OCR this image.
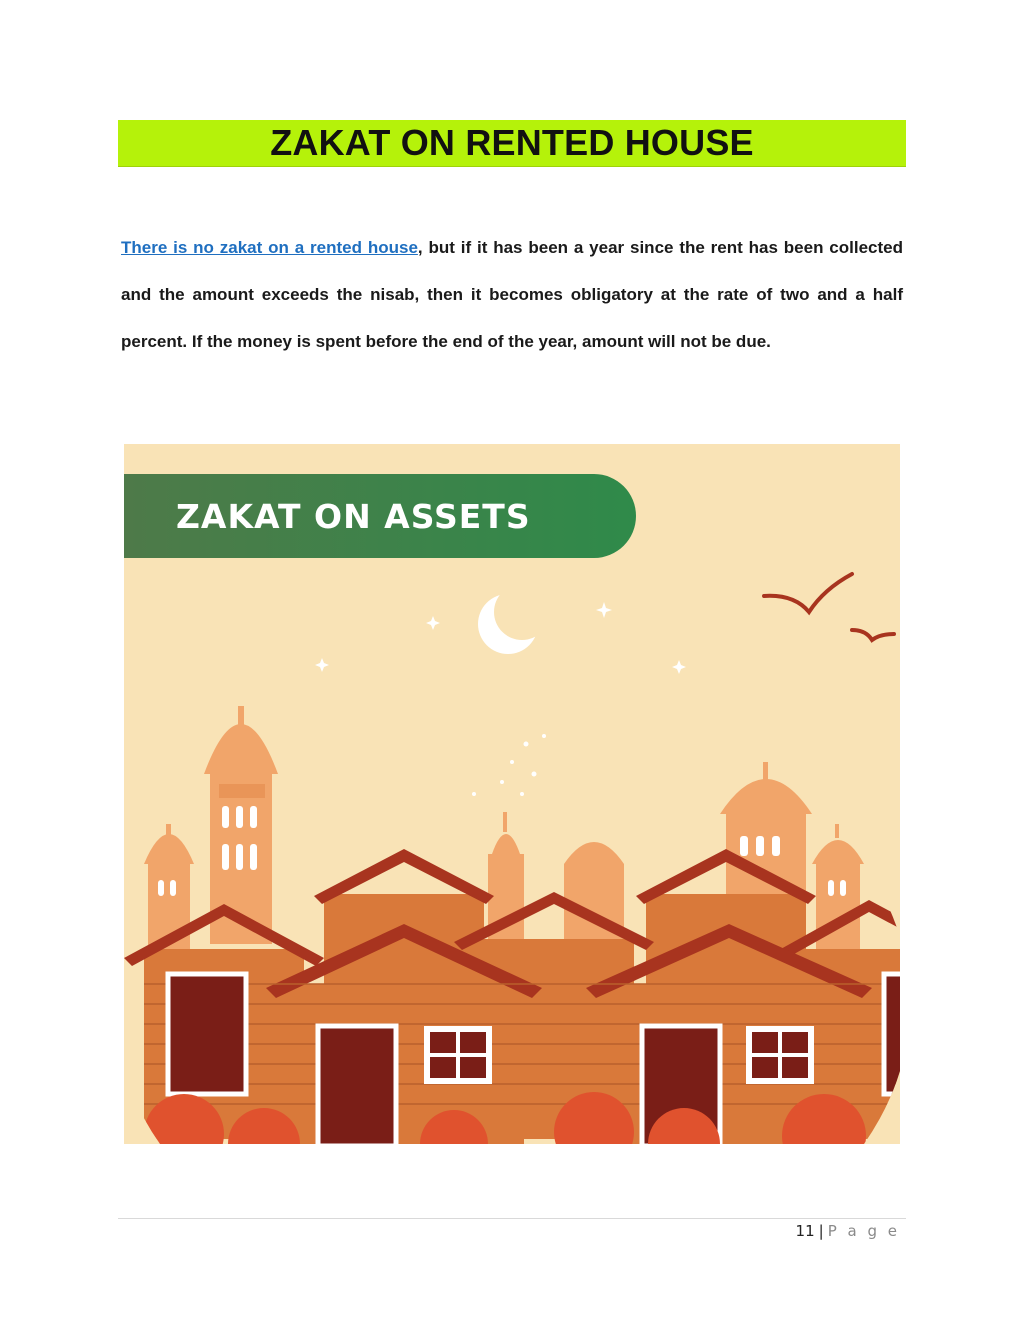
ZAKAT ON RENTED HOUSE
There is no zakat on a rented house, but if it has been a year since the rent has been collected and the amount exceeds the nisab, then it becomes obligatory at the rate of two and a half percent. If the money is spent before the end of the year, amount will not be due.
ZAKAT ON ASSETS
11 | P a g e
